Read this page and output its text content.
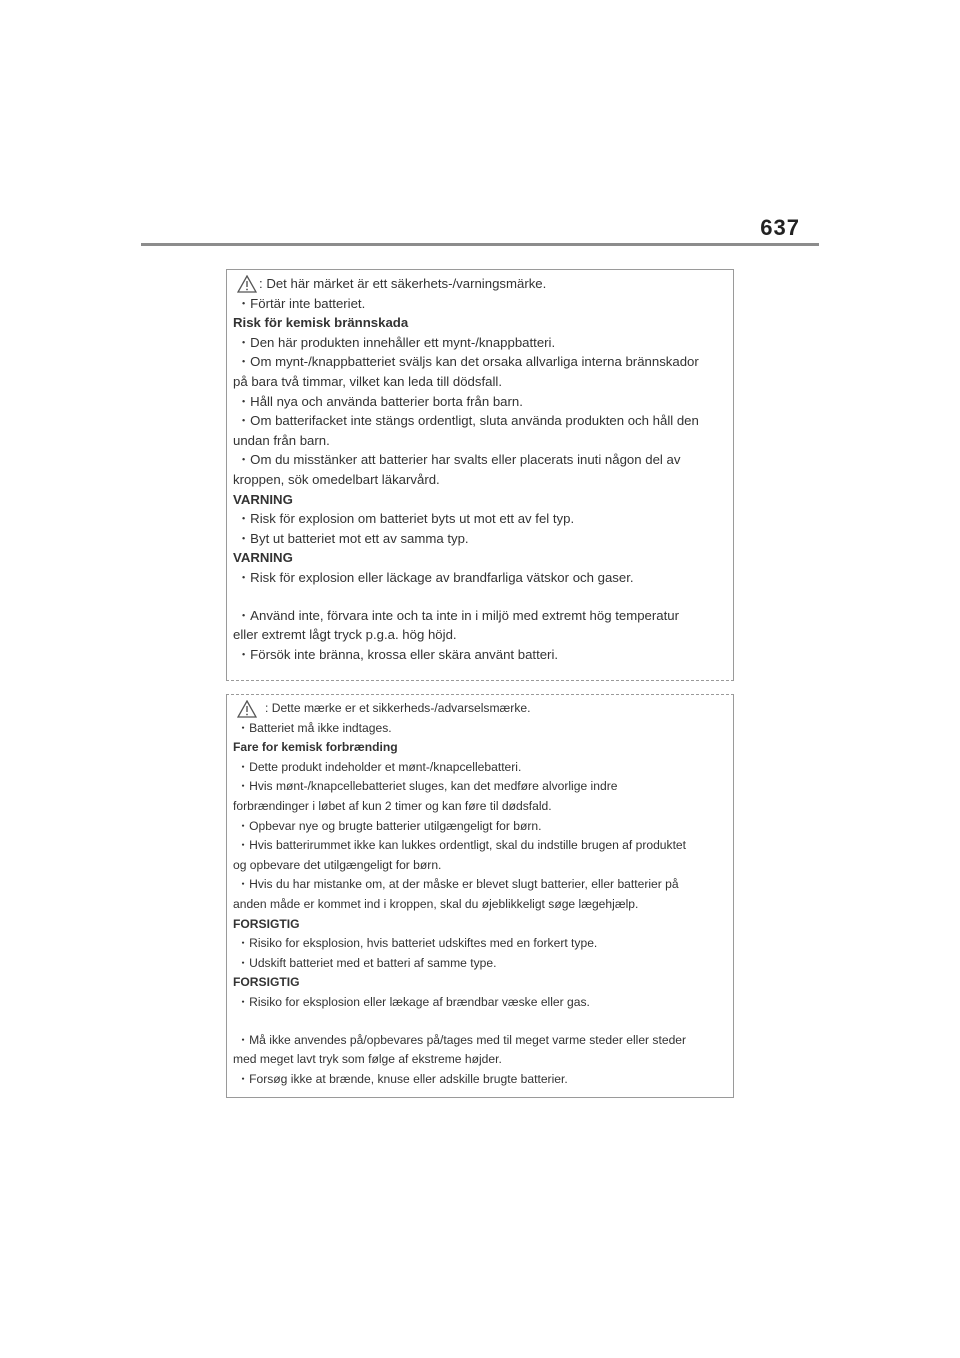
637
: Det här märket är ett säkerhets-/varningsmärke.
・Förtär inte batteriet.
Risk för kemisk brännskada
・Den här produkten innehåller ett mynt-/knappbatteri.
・Om mynt-/knappbatteriet sväljs kan det orsaka allvarliga interna brännskador
på bara två timmar, vilket kan leda till dödsfall.
・Håll nya och använda batterier borta från barn.
・Om batterifacket inte stängs ordentligt, sluta använda produkten och håll den
undan från barn.
・Om du misstänker att batterier har svalts eller placerats inuti någon del av
kroppen, sök omedelbart läkarvård.
VARNING
・Risk för explosion om batteriet byts ut mot ett av fel typ.
・Byt ut batteriet mot ett av samma typ.
VARNING
・Risk för explosion eller läckage av brandfarliga vätskor och gaser.
・Använd inte, förvara inte och ta inte in i miljö med extremt hög temperatur
eller extremt lågt tryck p.g.a. hög höjd.
・Försök inte bränna, krossa eller skära använt batteri.
: Dette mærke er et sikkerheds-/advarselsmærke.
・Batteriet må ikke indtages.
Fare for kemisk forbrænding
・Dette produkt indeholder et mønt-/knapcellebatteri.
・Hvis mønt-/knapcellebatteriet sluges, kan det medføre alvorlige indre
forbrændinger i løbet af kun 2 timer og kan føre til dødsfald.
・Opbevar nye og brugte batterier utilgængeligt for børn.
・Hvis batterirummet ikke kan lukkes ordentligt, skal du indstille brugen af produktet
og opbevare det utilgængeligt for børn.
・Hvis du har mistanke om, at der måske er blevet slugt batterier, eller batterier på
anden måde er kommet ind i kroppen, skal du øjeblikkeligt søge lægehjælp.
FORSIGTIG
・Risiko for eksplosion, hvis batteriet udskiftes med en forkert type.
・Udskift batteriet med et batteri af samme type.
FORSIGTIG
・Risiko for eksplosion eller lækage af brændbar væske eller gas.
・Må ikke anvendes på/opbevares på/tages med til meget varme steder eller steder
med meget lavt tryk som følge af ekstreme højder.
・Forsøg ikke at brænde, knuse eller adskille brugte batterier.
